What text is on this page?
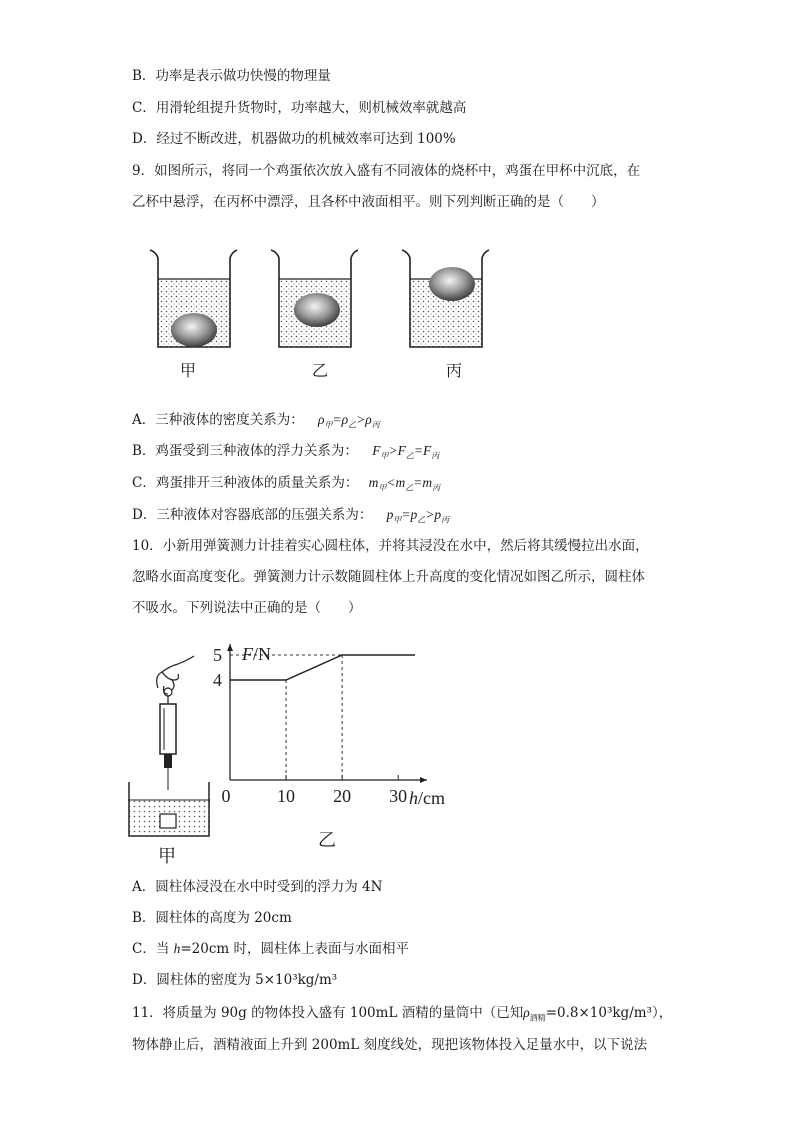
B．功率是表示做功快慢的物理量
C．用滑轮组提升货物时，功率越大，则机械效率就越高
D．经过不断改进，机器做功的机械效率可达到 100%
9．如图所示，将同一个鸡蛋依次放入盛有不同液体的烧杯中，鸡蛋在甲杯中沉底，在
乙杯中悬浮，在丙杯中漂浮，且各杯中液面相平。则下列判断正确的是（　　）
甲	乙	丙
A．三种液体的密度关系为： $\rho_甲=\rho_乙>\rho_丙$
B．鸡蛋受到三种液体的浮力关系为： $F_甲>F_乙=F_丙$
C．鸡蛋排开三种液体的质量关系为： $m_甲<m_乙=m_丙$
D．三种液体对容器底部的压强关系为： $p_甲=p_乙>p_丙$
10．小新用弹簧测力计挂着实心圆柱体，并将其浸没在水中，然后将其缓慢拉出水面，
忽略水面高度变化。弹簧测力计示数随圆柱体上升高度的变化情况如图乙所示，圆柱体
不吸水。下列说法中正确的是（　　）
甲
0	10 20 30
4
5 F/N
h/cm
乙
A．圆柱体浸没在水中时受到的浮力为 4N
B．圆柱体的高度为 20cm
C．当 h=20cm 时，圆柱体上表面与水面相平
D．圆柱体的密度为 5×10³kg/m³
11．将质量为 90g 的物体投入盛有 100mL 酒精的量筒中（已知$\rho_{酒精}=0.8\times 10^3kg/m^3$），
物体静止后，酒精液面上升到 200mL 刻度线处，现把该物体投入足量水中，以下说法
